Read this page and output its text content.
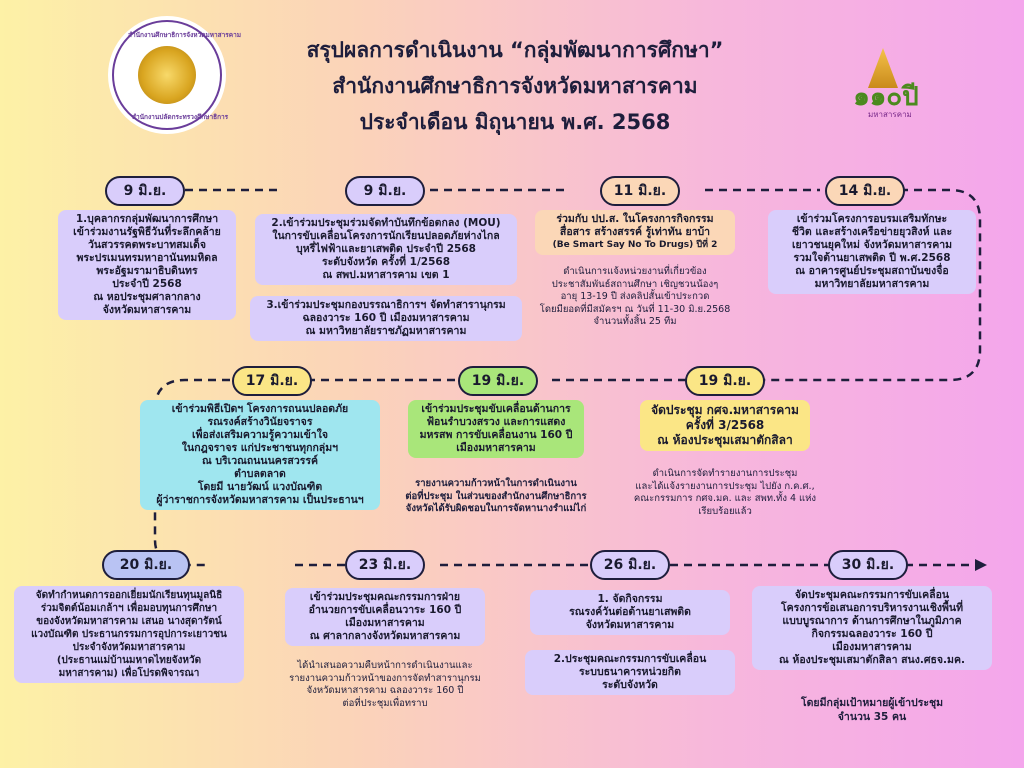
สรุปผลการดำเนินงาน “กลุ่มพัฒนาการศึกษา”
สำนักงานศึกษาธิการจังหวัดมหาสารคาม
ประจำเดือน มิถุนายน พ.ศ. 2568
สำนักงานศึกษาธิการจังหวัดมหาสารคาม
สำนักงานปลัดกระทรวงศึกษาธิการ
๑๑๐ปี
มหาสารคาม
9 มิ.ย.
1.บุคลากรกลุ่มพัฒนาการศึกษา
เข้าร่วมงานรัฐพิธีวันที่ระลึกคล้าย
วันสวรรคตพระบาทสมเด็จ
พระปรเมนทรมหาอานันทมหิดล
พระอัฐมรามาธิบดินทร
ประจำปี 2568
ณ หอประชุมศาลากลาง
จังหวัดมหาสารคาม
9 มิ.ย.
2.เข้าร่วมประชุมร่วมจัดทำบันทึกข้อตกลง (MOU)
ในการขับเคลื่อนโครงการนักเรียนปลอดภัยห่างไกล
บุหรี่ไฟฟ้าและยาเสพติด ประจำปี 2568
ระดับจังหวัด ครั้งที่ 1/2568
ณ สพป.มหาสารคาม เขต 1
3.เข้าร่วมประชุมกองบรรณาธิการฯ จัดทำสารานุกรม
ฉลองวาระ 160 ปี เมืองมหาสารคาม
ณ มหาวิทยาลัยราชภัฏมหาสารคาม
11 มิ.ย.
ร่วมกับ ปป.ส. ในโครงการกิจกรรม
สื่อสาร สร้างสรรค์ รู้เท่าทัน ยาบ้า
(Be Smart Say No To Drugs) ปีที่ 2
ดำเนินการแจ้งหน่วยงานที่เกี่ยวข้อง
ประชาสัมพันธ์สถานศึกษา เชิญชวนน้องๆ
อายุ 13-19 ปี ส่งคลิปสั้นเข้าประกวด
โดยมียอดที่มีสมัครฯ ณ วันที่ 11-30 มิ.ย.2568
จำนวนทั้งสิ้น 25 ทีม
14 มิ.ย.
เข้าร่วมโครงการอบรมเสริมทักษะ
ชีวิต และสร้างเครือข่ายยุวสิงห์ และ
เยาวชนยุคใหม่ จังหวัดมหาสารคาม
รวมใจต้านยาเสพติด ปี พ.ศ.2568
ณ อาคารศูนย์ประชุมสถาบันขงจื่อ
มหาวิทยาลัยมหาสารคาม
17 มิ.ย.
เข้าร่วมพิธีเปิดฯ โครงการถนนปลอดภัย
รณรงค์สร้างวินัยจราจร
เพื่อส่งเสริมความรู้ความเข้าใจ
ในกฎจราจร แก่ประชาชนทุกกลุ่มฯ
ณ บริเวณถนนนครสวรรค์
ตำบลตลาด
โดยมี นายวัฒน์ แวงบัณฑิต
ผู้ว่าราชการจังหวัดมหาสารคาม เป็นประธานฯ
19 มิ.ย.
เข้าร่วมประชุมขับเคลื่อนด้านการ
ฟ้อนรำบวงสรวง และการแสดง
มหรสพ การขับเคลื่อนงาน 160 ปี
เมืองมหาสารคาม
รายงานความก้าวหน้าในการดำเนินงาน
ต่อที่ประชุม ในส่วนของสำนักงานศึกษาธิการ
จังหวัดได้รับผิดชอบในการจัดหานางรำแม่ไก่
19 มิ.ย.
จัดประชุม กศจ.มหาสารคาม
ครั้งที่ 3/2568
ณ ห้องประชุมเสมาตักสิลา
ดำเนินการจัดทำรายงานการประชุม
และได้แจ้งรายงานการประชุม ไปยัง ก.ค.ศ.,
คณะกรรมการ กศจ.มค. และ สพท.ทั้ง 4 แห่ง
เรียบร้อยแล้ว
20 มิ.ย.
จัดทำกำหนดการออกเยี่ยมนักเรียนทุนมูลนิธิ
ร่วมจิตต์น้อมเกล้าฯ เพื่อมอบทุนการศึกษา
ของจังหวัดมหาสารคาม เสนอ นางสุดารัตน์
แวงบัณฑิต ประธานกรรมการอุปการะเยาวชน
ประจำจังหวัดมหาสารคาม
(ประธานแม่บ้านมหาดไทยจังหวัด
มหาสารคาม) เพื่อโปรดพิจารณา
23 มิ.ย.
เข้าร่วมประชุมคณะกรรมการฝ่าย
อำนวยการขับเคลื่อนวาระ 160 ปี
เมืองมหาสารคาม
ณ ศาลากลางจังหวัดมหาสารคาม
ได้นำเสนอความคืบหน้าการดำเนินงานและ
รายงานความก้าวหน้าของการจัดทำสารานุกรม
จังหวัดมหาสารคาม ฉลองวาระ 160 ปี
ต่อที่ประชุมเพื่อทราบ
26 มิ.ย.
1. จัดกิจกรรม
รณรงค์วันต่อต้านยาเสพติด
จังหวัดมหาสารคาม
2.ประชุมคณะกรรมการขับเคลื่อน
ระบบธนาคารหน่วยกิต
ระดับจังหวัด
30 มิ.ย.
จัดประชุมคณะกรรมการขับเคลื่อน
โครงการข้อเสนอการบริหารงานเชิงพื้นที่
แบบบูรณาการ ด้านการศึกษาในภูมิภาค
กิจกรรมฉลองวาระ 160 ปี
เมืองมหาสารคาม
ณ ห้องประชุมเสมาตักสิลา สนง.ศธจ.มค.
โดยมีกลุ่มเป้าหมายผู้เข้าประชุม
จำนวน 35 คน
